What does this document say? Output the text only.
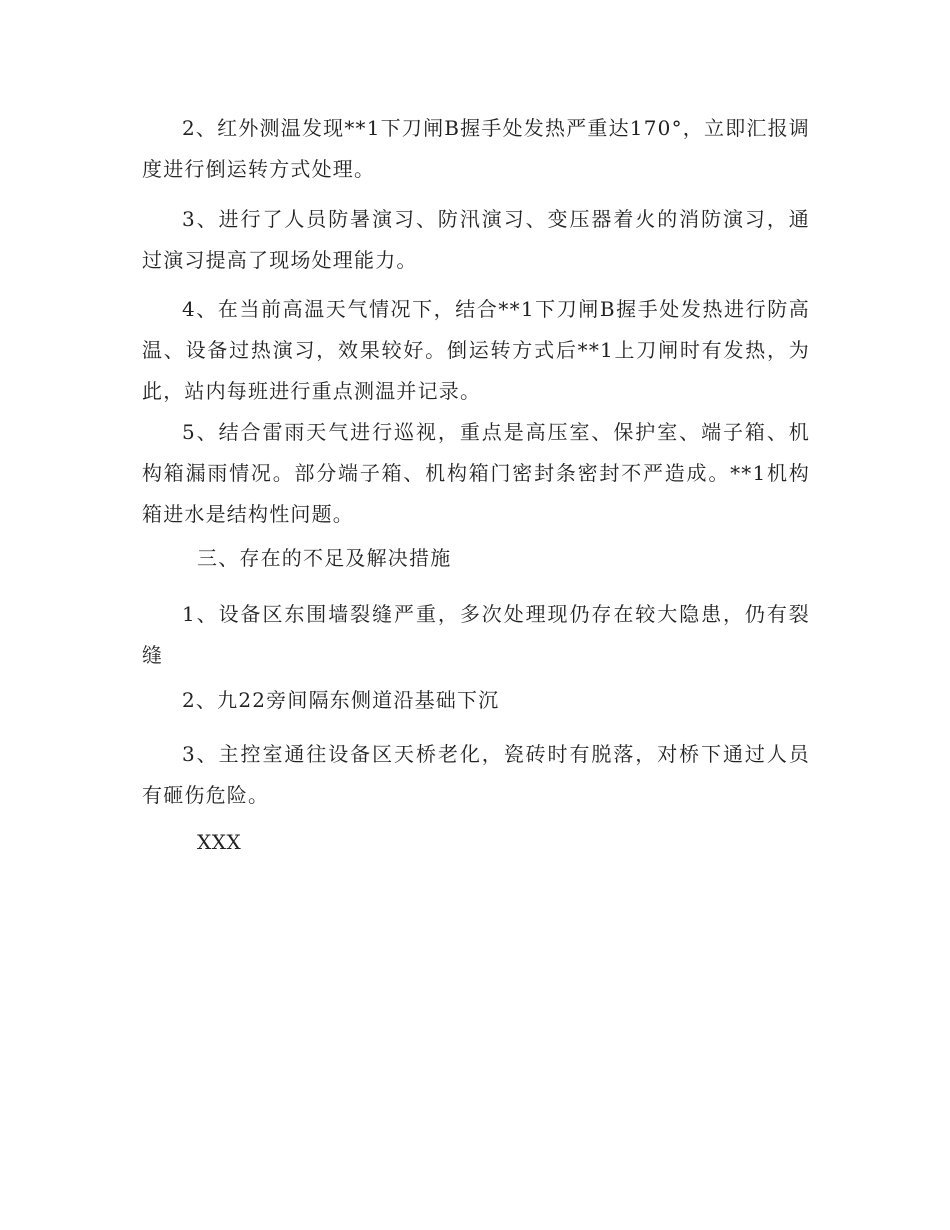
2、红外测温发现**1下刀闸B握手处发热严重达170°，立即汇报调度进行倒运转方式处理。

3、进行了人员防暑演习、防汛演习、变压器着火的消防演习，通过演习提高了现场处理能力。

4、在当前高温天气情况下，结合**1下刀闸B握手处发热进行防高温、设备过热演习，效果较好。倒运转方式后**1上刀闸时有发热，为此，站内每班进行重点测温并记录。

5、结合雷雨天气进行巡视，重点是高压室、保护室、端子箱、机构箱漏雨情况。部分端子箱、机构箱门密封条密封不严造成。**1机构箱进水是结构性问题。

三、存在的不足及解决措施

1、设备区东围墙裂缝严重，多次处理现仍存在较大隐患，仍有裂缝

2、九22旁间隔东侧道沿基础下沉

3、主控室通往设备区天桥老化，瓷砖时有脱落，对桥下通过人员有砸伤危险。

XXX
